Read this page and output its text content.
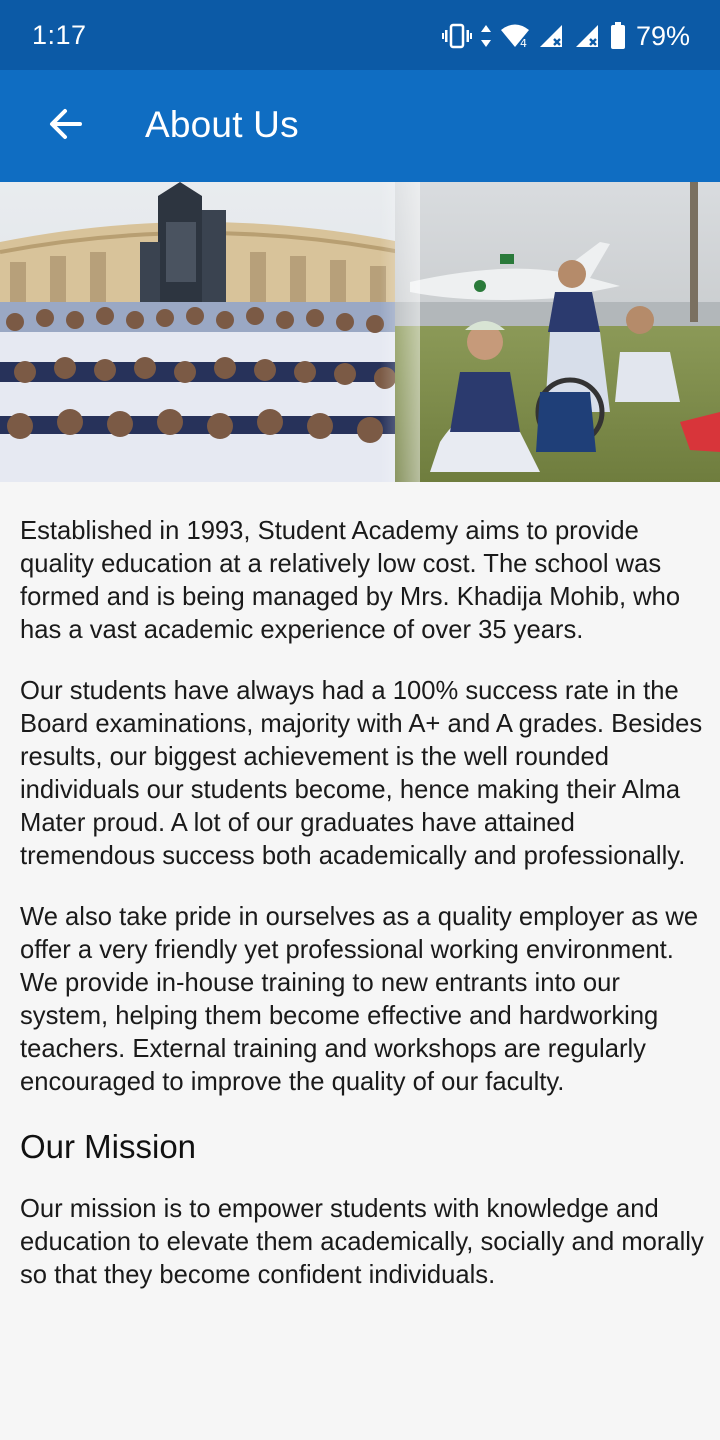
1:17	4	79%
About Us

Established in 1993, Student Academy aims to provide quality education at a relatively low cost. The school was formed and is being managed by Mrs. Khadija Mohib, who has a vast academic experience of over 35 years.

Our students have always had a 100% success rate in the Board examinations, majority with A+ and A grades. Besides results, our biggest achievement is the well rounded individuals our students become, hence making their Alma Mater proud. A lot of our graduates have attained tremendous success both academically and professionally.

We also take pride in ourselves as a quality employer as we offer a very friendly yet professional working environment. We provide in-house training to new entrants into our system, helping them become effective and hardworking teachers. External training and workshops are regularly encouraged to improve the quality of our faculty.

Our Mission

Our mission is to empower students with knowledge and education to elevate them academically, socially and morally so that they become confident individuals.
